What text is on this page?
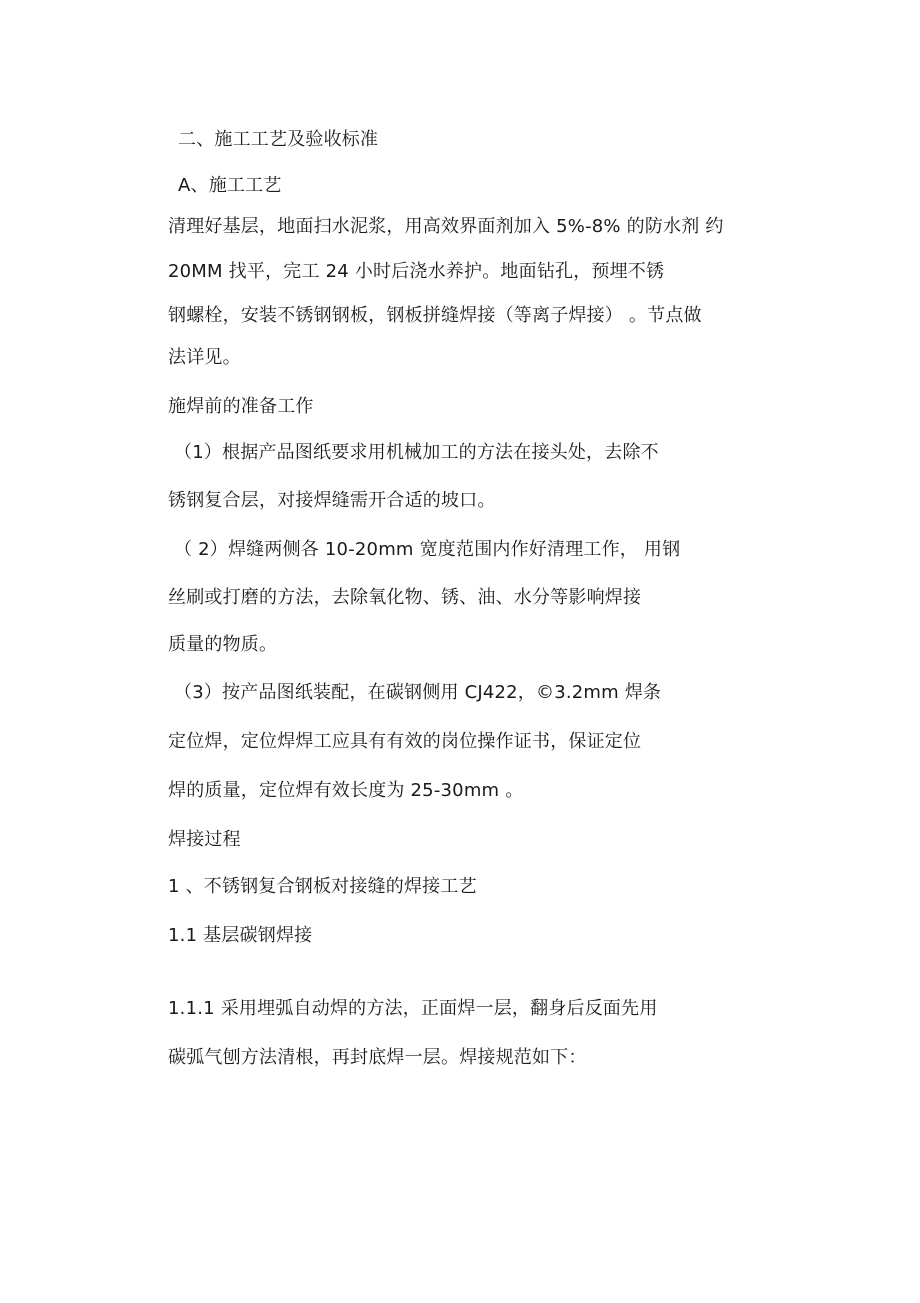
二、施工工艺及验收标准
A、施工工艺
清理好基层，地面扫水泥浆，用高效界面剂加入 5%-8% 的防水剂 约
20MM 找平，完工 24 小时后浇水养护。地面钻孔，预埋不锈
钢螺栓，安装不锈钢钢板，钢板拼缝焊接（等离子焊接） 。节点做
法详见。
施焊前的准备工作
（1）根据产品图纸要求用机械加工的方法在接头处，去除不
锈钢复合层，对接焊缝需开合适的坡口。
（ 2）焊缝两侧各 10-20mm 宽度范围内作好清理工作， 用钢
丝刷或打磨的方法，去除氧化物、锈、油、水分等影响焊接
质量的物质。
（3）按产品图纸装配，在碳钢侧用 CJ422，©3.2mm 焊条
定位焊，定位焊焊工应具有有效的岗位操作证书，保证定位
焊的质量，定位焊有效长度为 25-30mm 。
焊接过程
1 、不锈钢复合钢板对接缝的焊接工艺
1.1 基层碳钢焊接
1.1.1 采用埋弧自动焊的方法，正面焊一层，翻身后反面先用
碳弧气刨方法清根，再封底焊一层。焊接规范如下：
